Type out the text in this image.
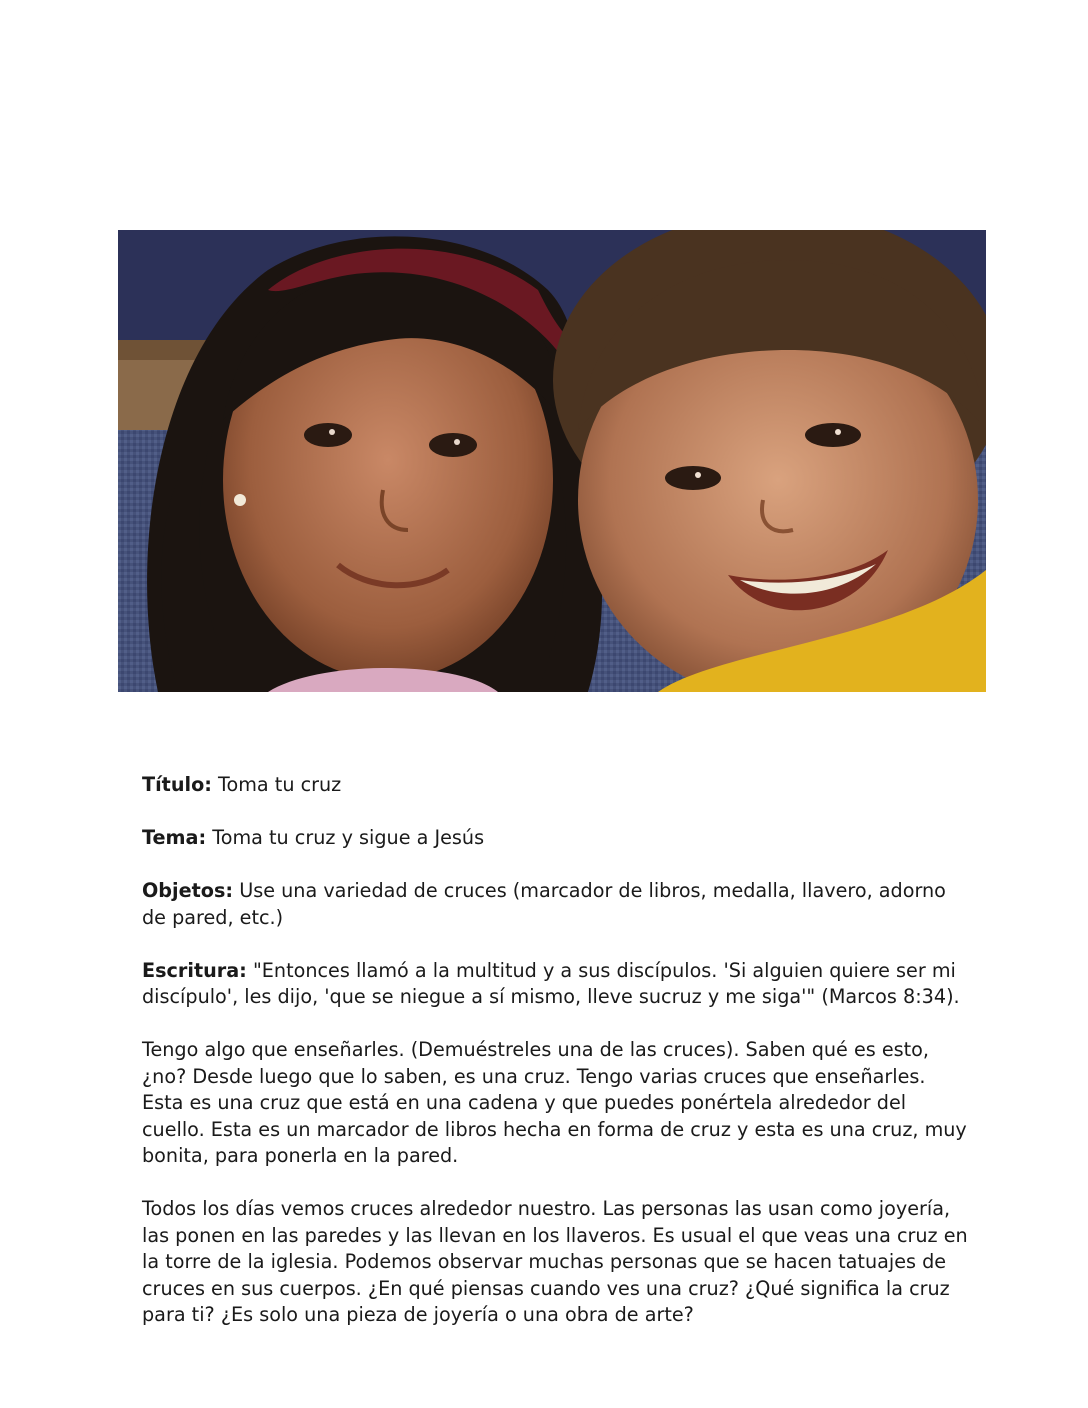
Título: Toma tu cruz

Tema: Toma tu cruz y sigue a Jesús

Objetos: Use una variedad de cruces (marcador de libros, medalla, llavero, adorno de pared, etc.)

Escritura: "Entonces llamó a la multitud y a sus discípulos. 'Si alguien quiere ser mi discípulo', les dijo, 'que se niegue a sí mismo, lleve sucruz y me siga'" (Marcos 8:34).

Tengo algo que enseñarles. (Demuéstreles una de las cruces). Saben qué es esto, ¿no? Desde luego que lo saben, es una cruz. Tengo varias cruces que enseñarles. Esta es una cruz que está en una cadena y que puedes ponértela alrededor del cuello. Esta es un marcador de libros hecha en forma de cruz y esta es una cruz, muy bonita, para ponerla en la pared.

Todos los días vemos cruces alrededor nuestro. Las personas las usan como joyería, las ponen en las paredes y las llevan en los llaveros. Es usual el que veas una cruz en la torre de la iglesia. Podemos observar muchas personas que se hacen tatuajes de cruces en sus cuerpos. ¿En qué piensas cuando ves una cruz? ¿Qué significa la cruz para ti? ¿Es solo una pieza de joyería o una obra de arte?
